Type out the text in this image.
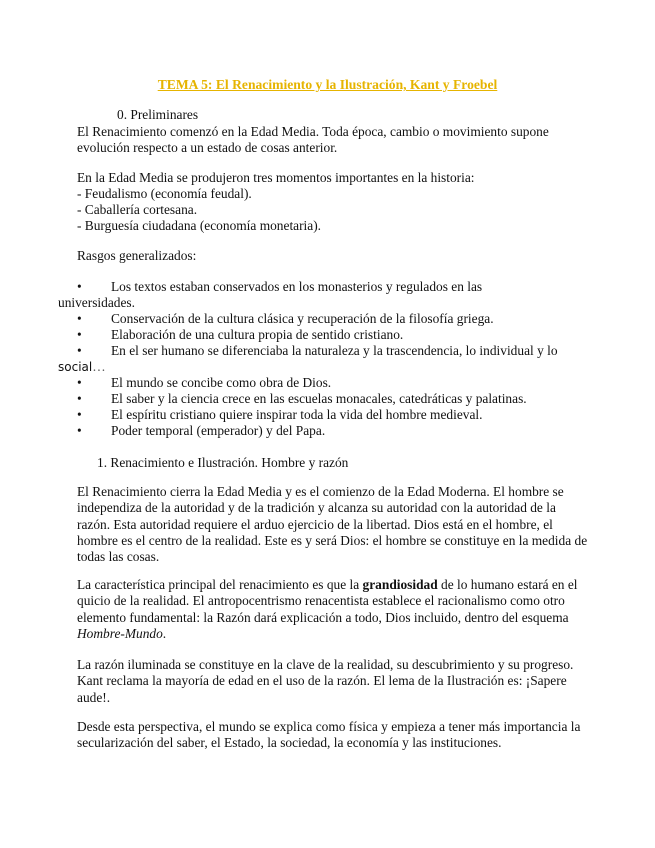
TEMA 5: El Renacimiento y la Ilustración, Kant y Froebel
0. Preliminares

El Renacimiento comenzó en la Edad Media. Toda época, cambio o movimiento supone evolución respecto a un estado de cosas anterior.

En la Edad Media se produjeron tres momentos importantes en la historia:

- Feudalismo (economía feudal).

- Caballería cortesana.

- Burguesía ciudadana (economía monetaria).

Rasgos generalizados:

• Los textos estaban conservados en los monasterios y regulados en las
universidades.
• Conservación de la cultura clásica y recuperación de la filosofía griega.
• Elaboración de una cultura propia de sentido cristiano.
• En el ser humano se diferenciaba la naturaleza y la trascendencia, lo individual y lo
social…
• El mundo se concibe como obra de Dios.
• El saber y la ciencia crece en las escuelas monacales, catedráticas y palatinas.
• El espíritu cristiano quiere inspirar toda la vida del hombre medieval.
• Poder temporal (emperador) y del Papa.
1. Renacimiento e Ilustración. Hombre y razón

El Renacimiento cierra la Edad Media y es el comienzo de la Edad Moderna. El hombre se independiza de la autoridad y de la tradición y alcanza su autoridad con la autoridad de la razón. Esta autoridad requiere el arduo ejercicio de la libertad. Dios está en el hombre, el hombre es el centro de la realidad. Este es y será Dios: el hombre se constituye en la medida de todas las cosas.

La característica principal del renacimiento es que la grandiosidad de lo humano estará en el quicio de la realidad. El antropocentrismo renacentista establece el racionalismo como otro elemento fundamental: la Razón dará explicación a todo, Dios incluido, dentro del esquema Hombre-Mundo.

La razón iluminada se constituye en la clave de la realidad, su descubrimiento y su progreso. Kant reclama la mayoría de edad en el uso de la razón. El lema de la Ilustración es: ¡Sapere aude!.

Desde esta perspectiva, el mundo se explica como física y empieza a tener más importancia la secularización del saber, el Estado, la sociedad, la economía y las instituciones.
